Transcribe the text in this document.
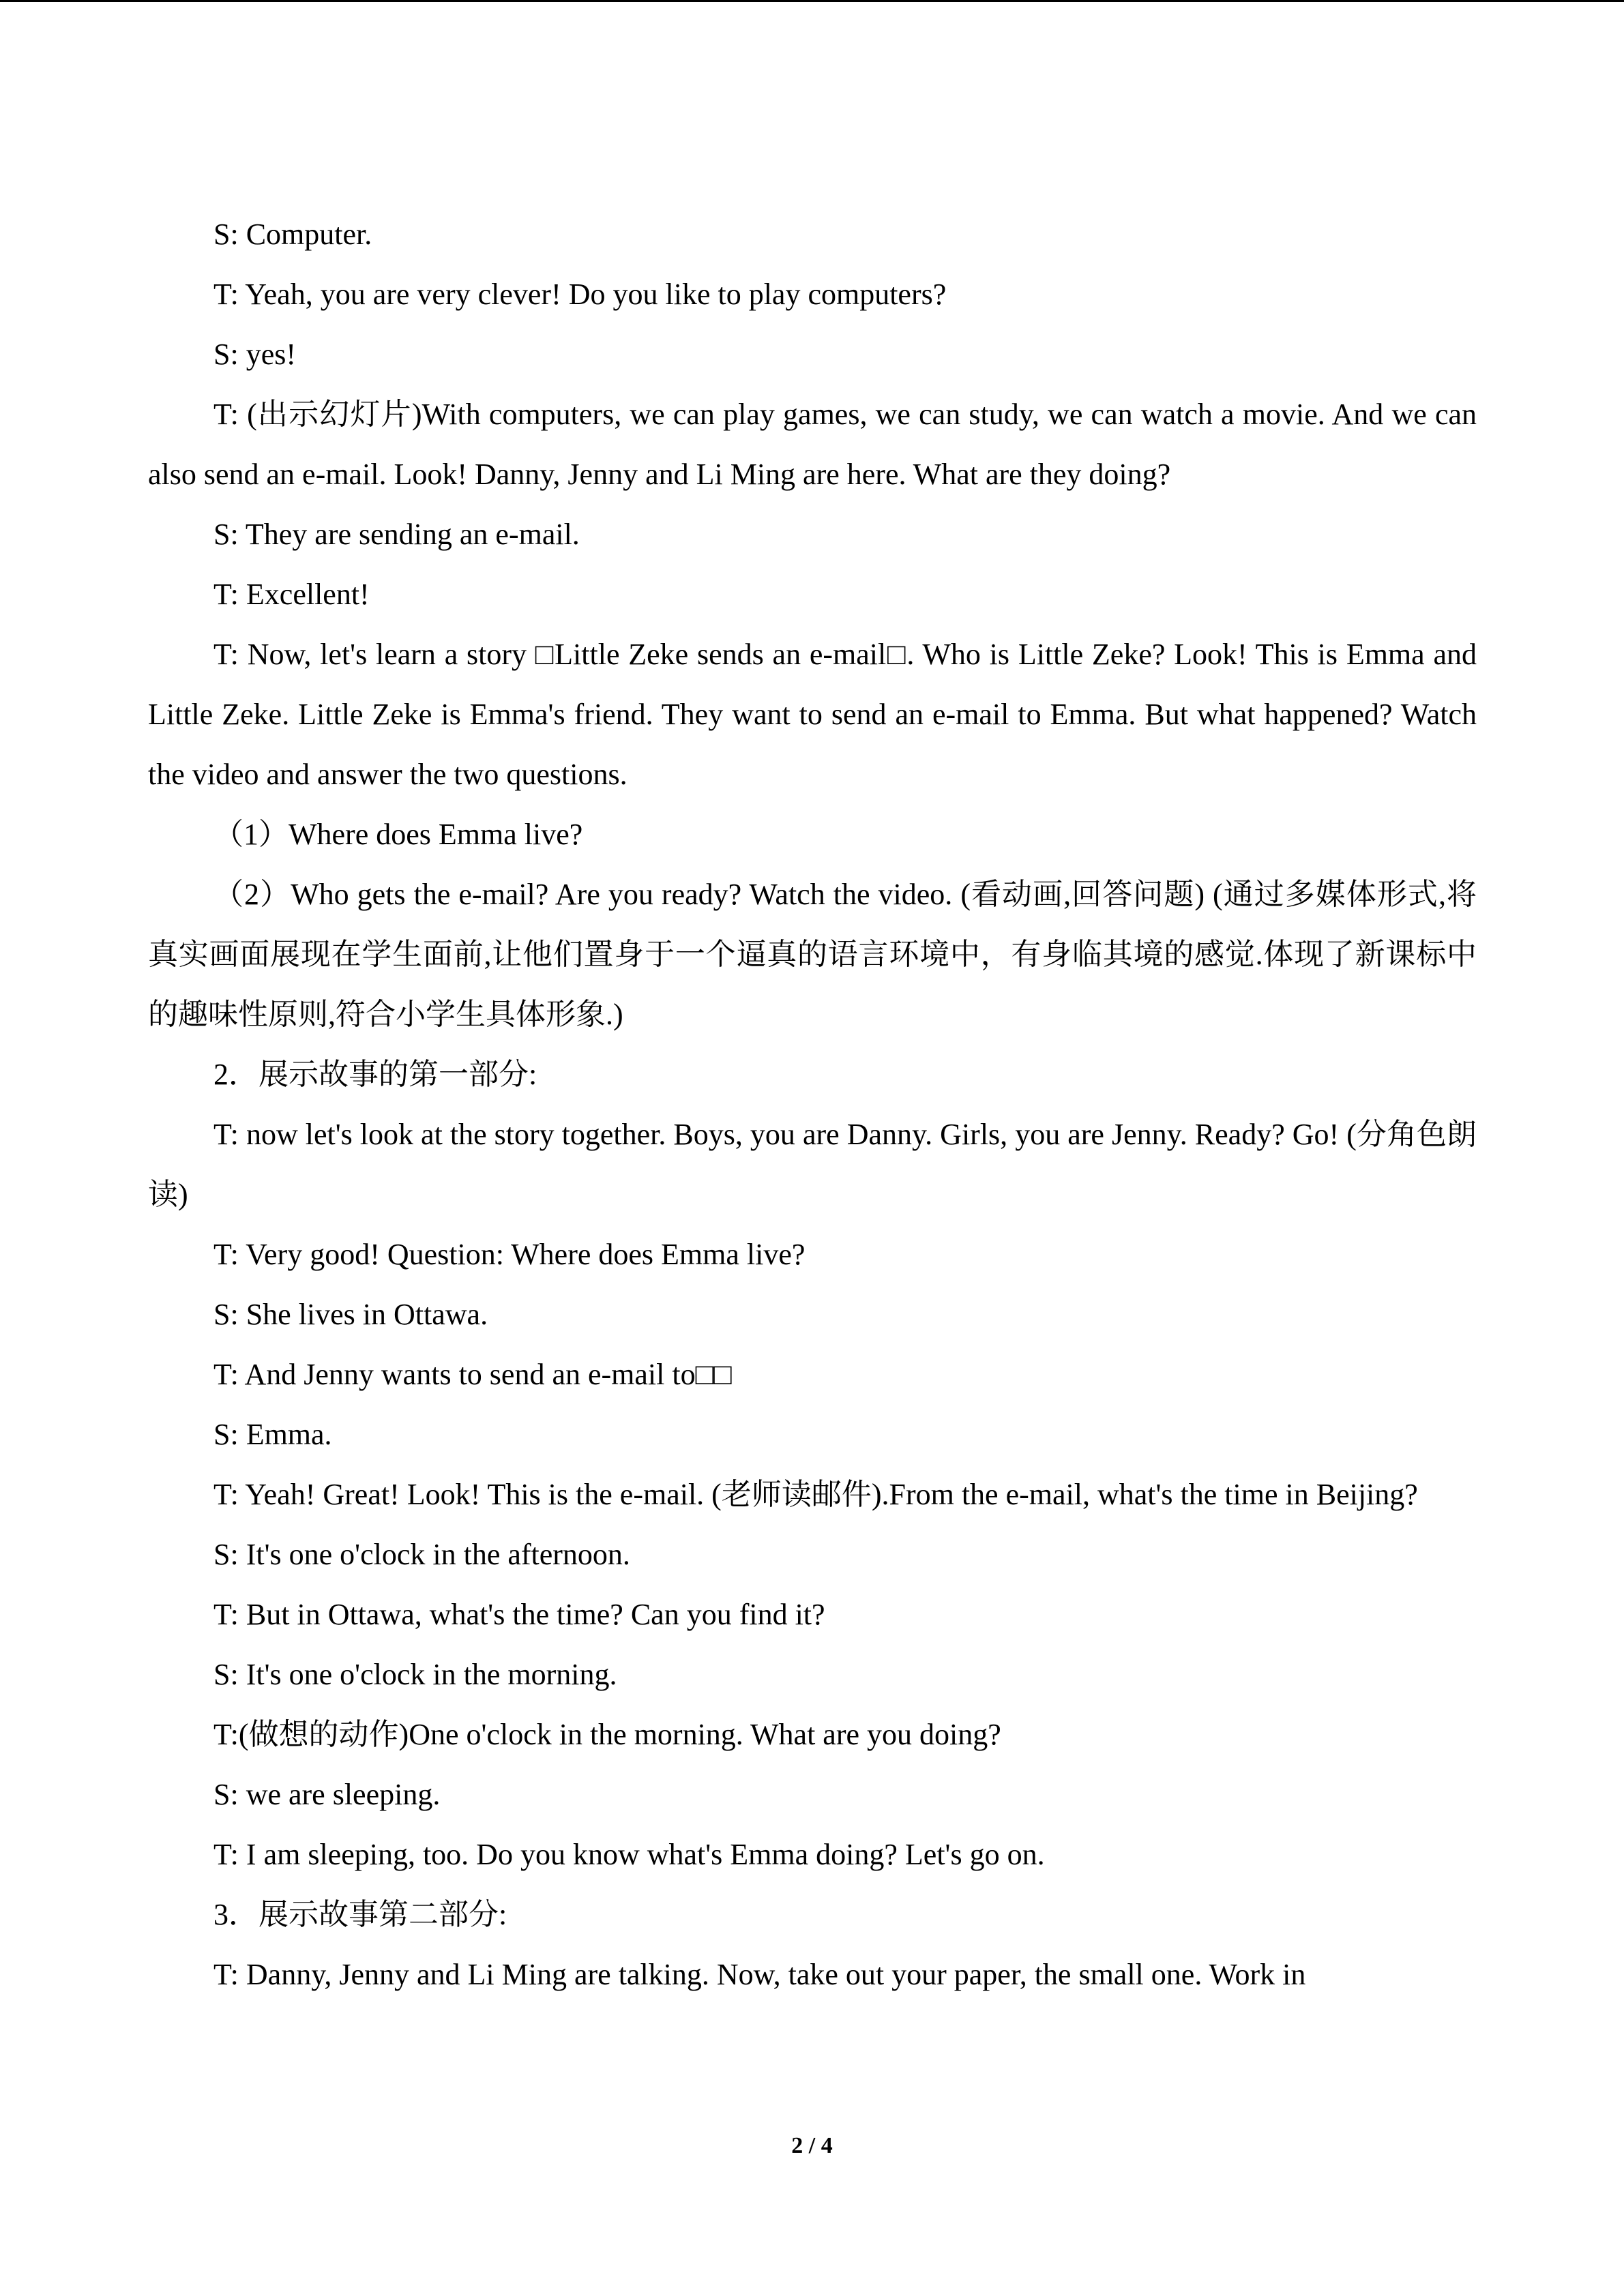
S: Computer.

T: Yeah, you are very clever! Do you like to play computers?

S: yes!

T: (出示幻灯片)With computers, we can play games, we can study, we can watch a movie. And we can also send an e-mail. Look! Danny, Jenny and Li Ming are here. What are they doing?

S: They are sending an e-mail.

T: Excellent!

T: Now, let's learn a story □Little Zeke sends an e-mail□. Who is Little Zeke? Look! This is Emma and Little Zeke. Little Zeke is Emma's friend. They want to send an e-mail to Emma. But what happened? Watch the video and answer the two questions.

（1）Where does Emma live?

（2）Who gets the e-mail? Are you ready? Watch the video. (看动画,回答问题) (通过多媒体形式,将真实画面展现在学生面前,让他们置身于一个逼真的语言环境中，有身临其境的感觉.体现了新课标中的趣味性原则,符合小学生具体形象.)

2．展示故事的第一部分:

T: now let's look at the story together. Boys, you are Danny. Girls, you are Jenny. Ready? Go! (分角色朗读)

T: Very good! Question: Where does Emma live?

S: She lives in Ottawa.

T: And Jenny wants to send an e-mail to□□

S: Emma.

T: Yeah! Great! Look! This is the e-mail. (老师读邮件).From the e-mail, what's the time in Beijing?

S: It's one o'clock in the afternoon.

T: But in Ottawa, what's the time? Can you find it?

S: It's one o'clock in the morning.

T:(做想的动作)One o'clock in the morning. What are you doing?

S: we are sleeping.

T: I am sleeping, too. Do you know what's Emma doing? Let's go on.

3．展示故事第二部分:

T: Danny, Jenny and Li Ming are talking. Now, take out your paper, the small one. Work in

2 / 4
